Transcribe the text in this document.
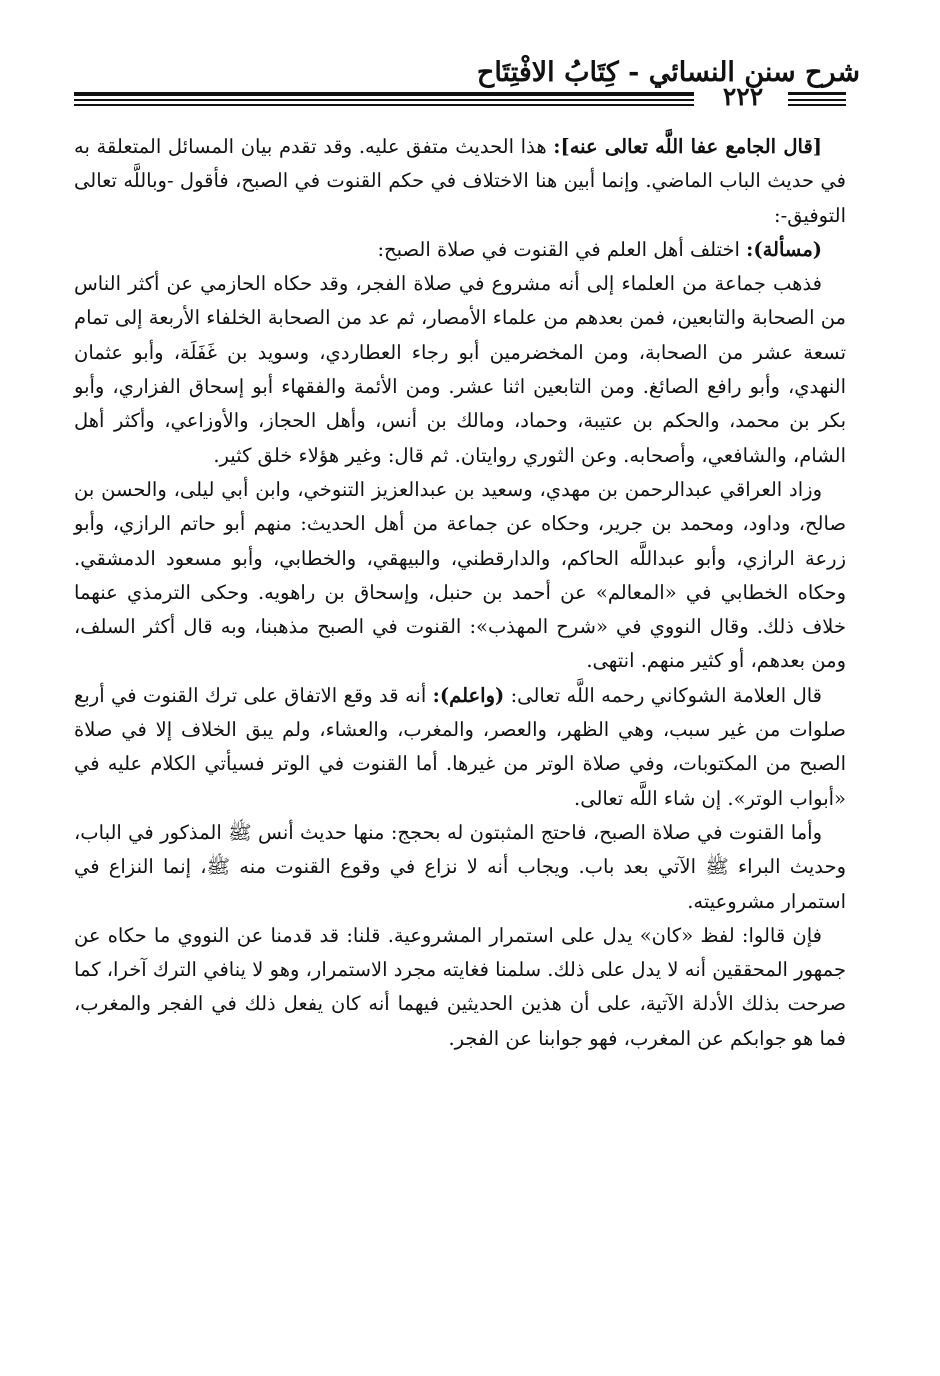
شرح سنن النسائي - كِتَابُ الافْتِتَاح
٢٢٢

[قال الجامع عفا اللَّه تعالى عنه]: هذا الحديث متفق عليه. وقد تقدم بيان المسائل المتعلقة به في حديث الباب الماضي. وإنما أبين هنا الاختلاف في حكم القنوت في الصبح، فأقول -وباللَّه تعالى التوفيق-:

(مسألة): اختلف أهل العلم في القنوت في صلاة الصبح:

فذهب جماعة من العلماء إلى أنه مشروع في صلاة الفجر، وقد حكاه الحازمي عن أكثر الناس من الصحابة والتابعين، فمن بعدهم من علماء الأمصار، ثم عد من الصحابة الخلفاء الأربعة إلى تمام تسعة عشر من الصحابة، ومن المخضرمين أبو رجاء العطاردي، وسويد بن غَفَلَة، وأبو عثمان النهدي، وأبو رافع الصائغ. ومن التابعين اثنا عشر. ومن الأئمة والفقهاء أبو إسحاق الفزاري، وأبو بكر بن محمد، والحكم بن عتيبة، وحماد، ومالك بن أنس، وأهل الحجاز، والأوزاعي، وأكثر أهل الشام، والشافعي، وأصحابه. وعن الثوري روايتان. ثم قال: وغير هؤلاء خلق كثير.

وزاد العراقي عبدالرحمن بن مهدي، وسعيد بن عبدالعزيز التنوخي، وابن أبي ليلى، والحسن بن صالح، وداود، ومحمد بن جرير، وحكاه عن جماعة من أهل الحديث: منهم أبو حاتم الرازي، وأبو زرعة الرازي، وأبو عبداللَّه الحاكم، والدارقطني، والبيهقي، والخطابي، وأبو مسعود الدمشقي. وحكاه الخطابي في «المعالم» عن أحمد بن حنبل، وإسحاق بن راهويه. وحكى الترمذي عنهما خلاف ذلك. وقال النووي في «شرح المهذب»: القنوت في الصبح مذهبنا، وبه قال أكثر السلف، ومن بعدهم، أو كثير منهم. انتهى.

قال العلامة الشوكاني رحمه اللَّه تعالى: (واعلم): أنه قد وقع الاتفاق على ترك القنوت في أربع صلوات من غير سبب، وهي الظهر، والعصر، والمغرب، والعشاء، ولم يبق الخلاف إلا في صلاة الصبح من المكتوبات، وفي صلاة الوتر من غيرها. أما القنوت في الوتر فسيأتي الكلام عليه في «أبواب الوتر». إن شاء اللَّه تعالى.

وأما القنوت في صلاة الصبح، فاحتج المثبتون له بحجج: منها حديث أنس ﷺ المذكور في الباب، وحديث البراء ﷺ الآتي بعد باب. ويجاب أنه لا نزاع في وقوع القنوت منه ﷺ، إنما النزاع في استمرار مشروعيته.

فإن قالوا: لفظ «كان» يدل على استمرار المشروعية. قلنا: قد قدمنا عن النووي ما حكاه عن جمهور المحققين أنه لا يدل على ذلك. سلمنا فغايته مجرد الاستمرار، وهو لا ينافي الترك آخرا، كما صرحت بذلك الأدلة الآتية، على أن هذين الحديثين فيهما أنه كان يفعل ذلك في الفجر والمغرب، فما هو جوابكم عن المغرب، فهو جوابنا عن الفجر.
